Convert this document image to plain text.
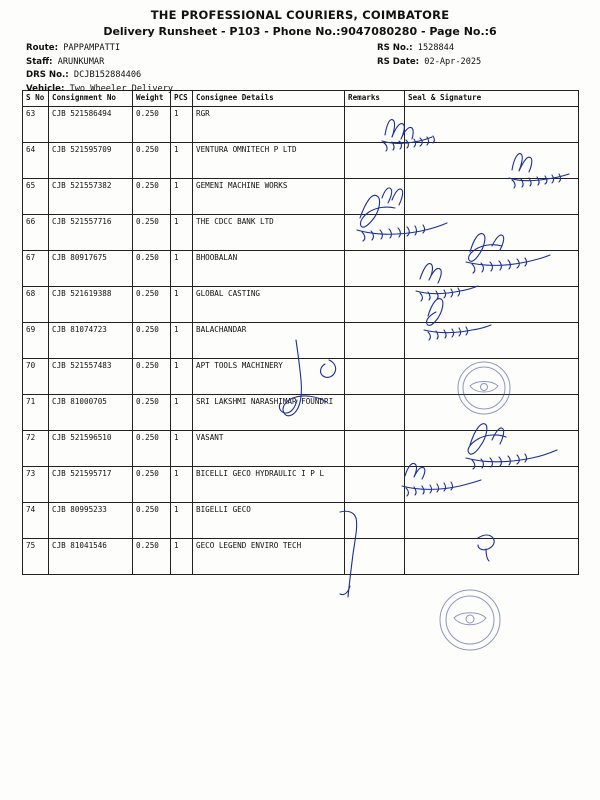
THE PROFESSIONAL COURIERS, COIMBATORE
Delivery Runsheet - P103 - Phone No.:9047080280 - Page No.:6
Route: PAPPAMPATTI
Staff: ARUNKUMAR
DRS No.: DCJB152884406
Vehicle: Two Wheeler Delivery
RS No.: 1528844
RS Date: 02-Apr-2025
S No	Consignment No	Weight	PCS	Consignee Details	Remarks	Seal & Signature
63	CJB 521586494	0.250	1	RGR		
64	CJB 521595709	0.250	1	VENTURA OMNITECH P LTD		
65	CJB 521557382	0.250	1	GEMENI MACHINE WORKS		
66	CJB 521557716	0.250	1	THE CDCC BANK LTD		
67	CJB 80917675	0.250	1	BHOOBALAN		
68	CJB 521619388	0.250	1	GLOBAL CASTING		
69	CJB 81074723	0.250	1	BALACHANDAR		
70	CJB 521557483	0.250	1	APT TOOLS MACHINERY		
71	CJB 81000705	0.250	1	SRI LAKSHMI NARASHIMAR FOUNDRI		
72	CJB 521596510	0.250	1	VASANT		
73	CJB 521595717	0.250	1	BICELLI GECO HYDRAULIC I P L		
74	CJB 80995233	0.250	1	BIGELLI GECO		
75	CJB 81041546	0.250	1	GECO LEGEND ENVIRO TECH		
